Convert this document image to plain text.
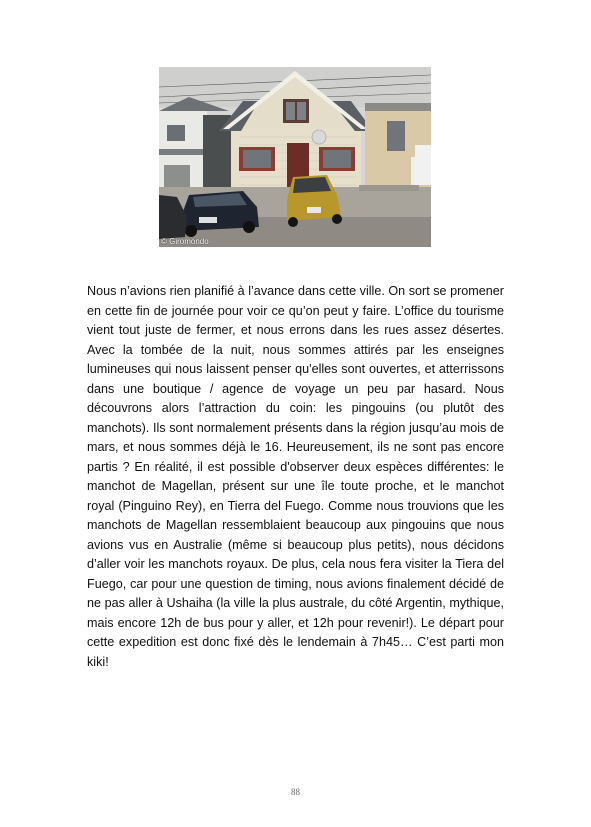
© Giromondo

Nous n’avions rien planifié à l’avance dans cette ville. On sort se promener en cette fin de journée pour voir ce qu’on peut y faire. L’office du tourisme vient tout juste de fermer, et nous errons dans les rues assez désertes. Avec la tombée de la nuit, nous sommes attirés par les enseignes lumineuses qui nous laissent penser qu'elles sont ouvertes, et atterrissons dans une boutique / agence de voyage un peu par hasard. Nous découvrons alors l’attraction du coin: les pingouins (ou plutôt des manchots). Ils sont normalement présents dans la région jusqu’au mois de mars, et nous sommes déjà le 16. Heureusement, ils ne sont pas encore partis ? En réalité, il est possible d'observer deux espèces différentes: le manchot de Magellan, présent sur une île toute proche, et le manchot royal (Pinguino Rey), en Tierra del Fuego. Comme nous trouvions que les manchots de Magellan ressemblaient beaucoup aux pingouins que nous avions vus en Australie (même si beaucoup plus petits), nous décidons d’aller voir les manchots royaux. De plus, cela nous fera visiter la Tiera del Fuego, car pour une question de timing, nous avions finalement décidé de ne pas aller à Ushaiha (la ville la plus australe, du côté Argentin, mythique, mais encore 12h de bus pour y aller, et 12h pour revenir!). Le départ pour cette expedition est donc fixé dès le lendemain à 7h45… C’est parti mon kiki!

88
